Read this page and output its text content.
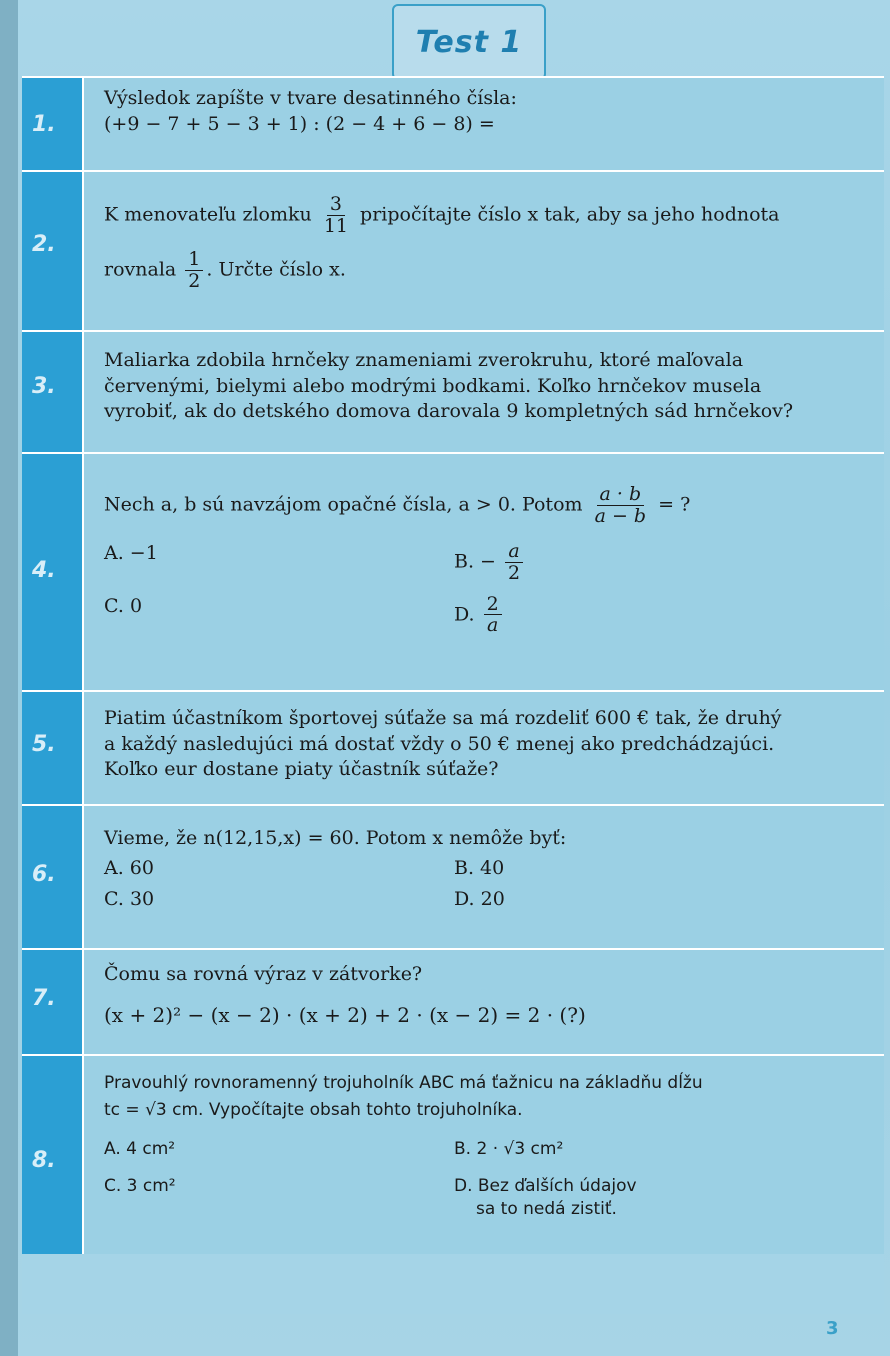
Test 1
1.
Výsledok zapíšte v tvare desatinného čísla:
(+9 − 7 + 5 − 3 + 1) : (2 − 4 + 6 − 8) =
2.
K menovateľu zlomku $\frac{3}{11}$ pripočítajte číslo x tak, aby sa jeho hodnota
rovnala $\frac{1}{2}$ . Určte číslo x.
3.
Maliarka zdobila hrnčeky znameniami zverokruhu, ktoré maľovala
červenými, bielymi alebo modrými bodkami. Koľko hrnčekov musela
vyrobiť, ak do detského domova darovala 9 kompletných sád hrnčekov?
4.
Nech a, b sú navzájom opačné čísla, a > 0. Potom $\frac{a \cdot b}{a - b}$ = ?
A. −1	B. − $\frac{a}{2}$
C. 0	D. $\frac{2}{a}$
5.
Piatim účastníkom športovej súťaže sa má rozdeliť 600 € tak, že druhý
a každý nasledujúci má dostať vždy o 50 € menej ako predchádzajúci.
Koľko eur dostane piaty účastník súťaže?
6.
Vieme, že n(12,15,x) = 60. Potom x nemôže byť:
A. 60	B. 40
C. 30	D. 20
7.
Čomu sa rovná výraz v zátvorke?
(x + 2)² − (x − 2) · (x + 2) + 2 · (x − 2) = 2 · (?)
8.
Pravouhlý rovnoramenný trojuholník ABC má ťažnicu na základňu dĺžu
tc = √3 cm. Vypočítajte obsah tohto trojuholníka.
A. 4 cm²	B. 2 · √3 cm²
C. 3 cm²	D. Bez ďalších údajov
sa to nedá zistiť.
3
